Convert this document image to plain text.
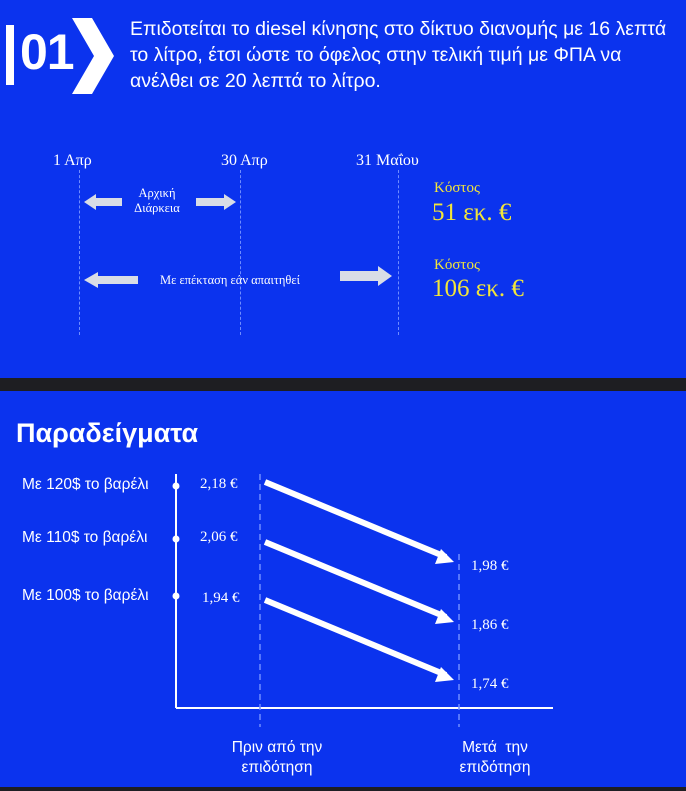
01	Επιδοτείται το diesel κίνησης στο δίκτυο διανομής με 16 λεπτά το λίτρο, έτσι ώστε το όφελος στην τελική τιμή με ΦΠΑ να ανέλθει σε 20 λεπτά το λίτρο.
1 Απρ	30 Απρ	31 Μαΐου
Αρχική
Διάρκεια
Με επέκταση εάν απαιτηθεί
Κόστος
51 εκ. €
Κόστος
106 εκ. €
Παραδείγματα
Με 120$ το βαρέλι
Με 110$ το βαρέλι
Με 100$ το βαρέλι
2,18 €
2,06 €
1,94 €
1,98 €
1,86 €
1,74 €
Πριν από την
επιδότηση
Μετά  την
επιδότηση
